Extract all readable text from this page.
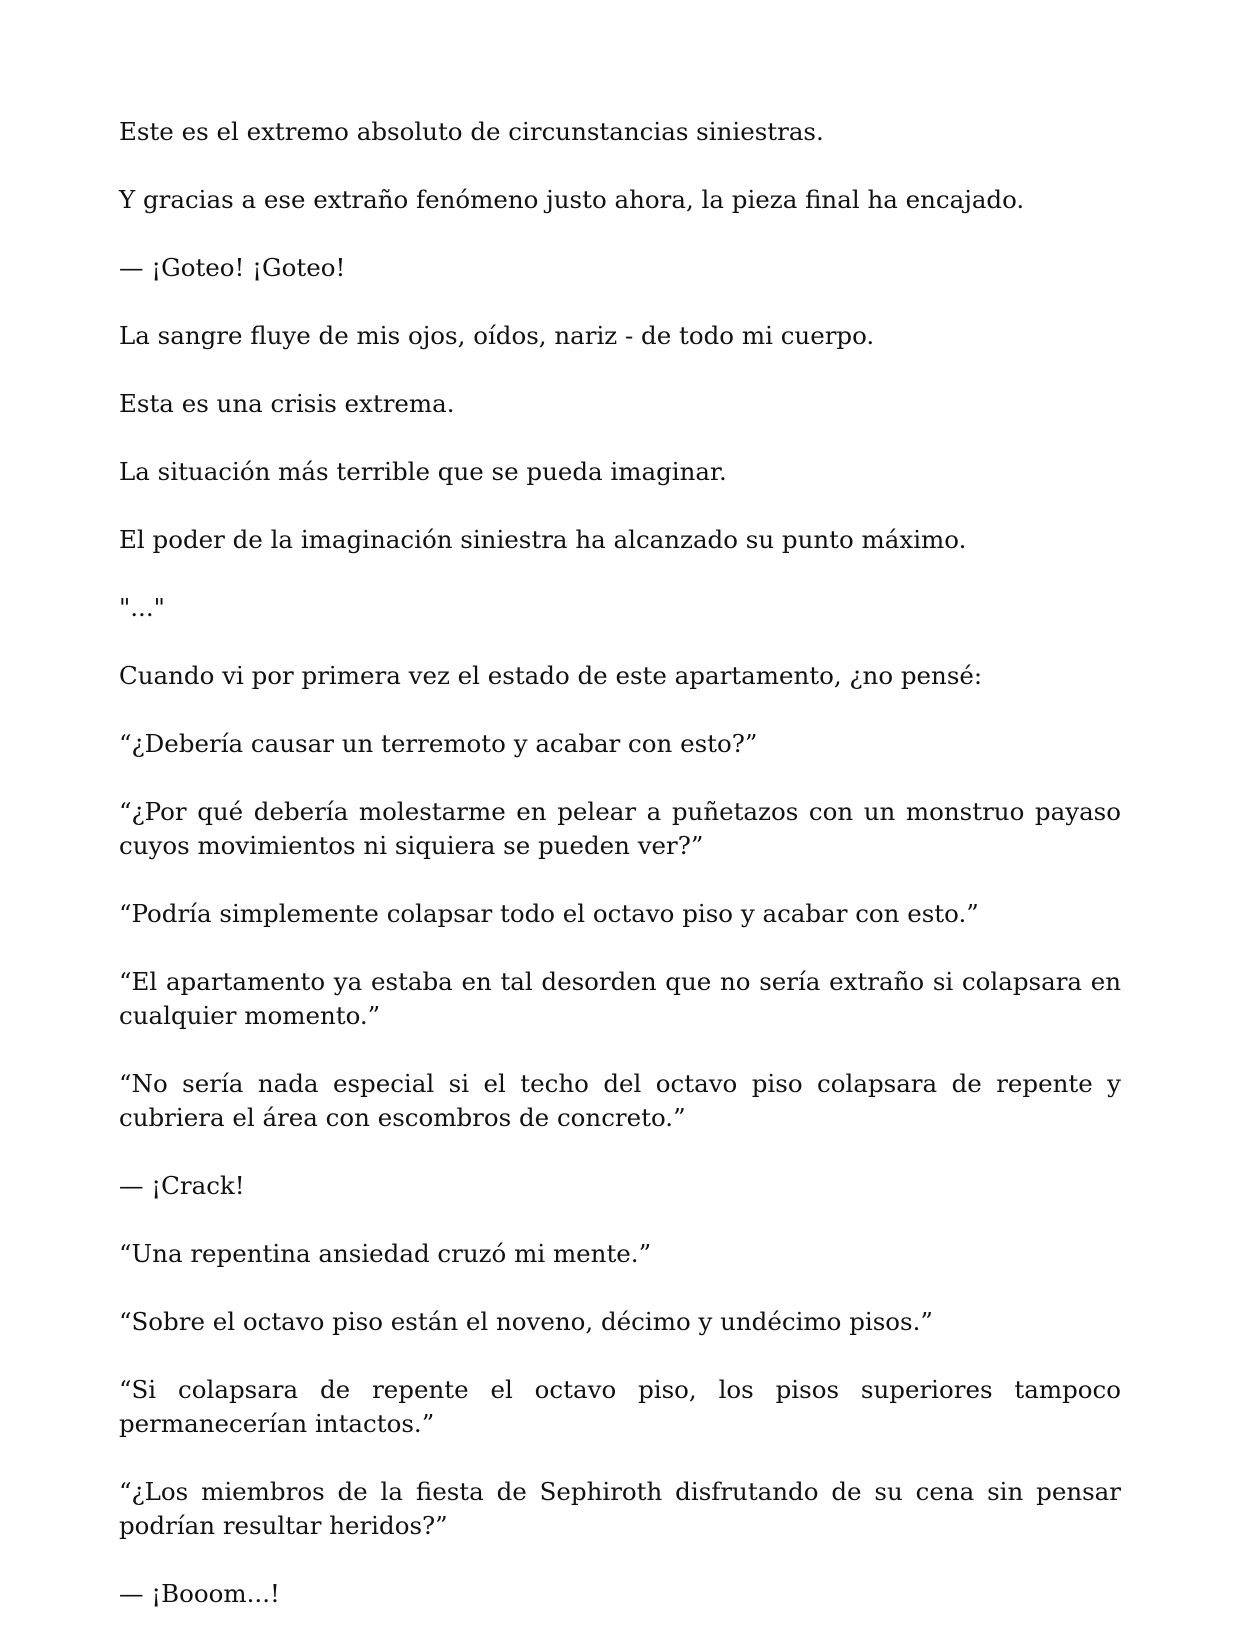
Este es el extremo absoluto de circunstancias siniestras.

Y gracias a ese extraño fenómeno justo ahora, la pieza final ha encajado.

— ¡Goteo! ¡Goteo!

La sangre fluye de mis ojos, oídos, nariz - de todo mi cuerpo.

Esta es una crisis extrema.

La situación más terrible que se pueda imaginar.

El poder de la imaginación siniestra ha alcanzado su punto máximo.

"..."

Cuando vi por primera vez el estado de este apartamento, ¿no pensé:

“¿Debería causar un terremoto y acabar con esto?”

“¿Por qué debería molestarme en pelear a puñetazos con un monstruo payaso cuyos movimientos ni siquiera se pueden ver?”

“Podría simplemente colapsar todo el octavo piso y acabar con esto.”

“El apartamento ya estaba en tal desorden que no sería extraño si colapsara en cualquier momento.”

“No sería nada especial si el techo del octavo piso colapsara de repente y cubriera el área con escombros de concreto.”

— ¡Crack!

“Una repentina ansiedad cruzó mi mente.”

“Sobre el octavo piso están el noveno, décimo y undécimo pisos.”

“Si colapsara de repente el octavo piso, los pisos superiores tampoco permanecerían intactos.”

“¿Los miembros de la fiesta de Sephiroth disfrutando de su cena sin pensar podrían resultar heridos?”

— ¡Booom...!
